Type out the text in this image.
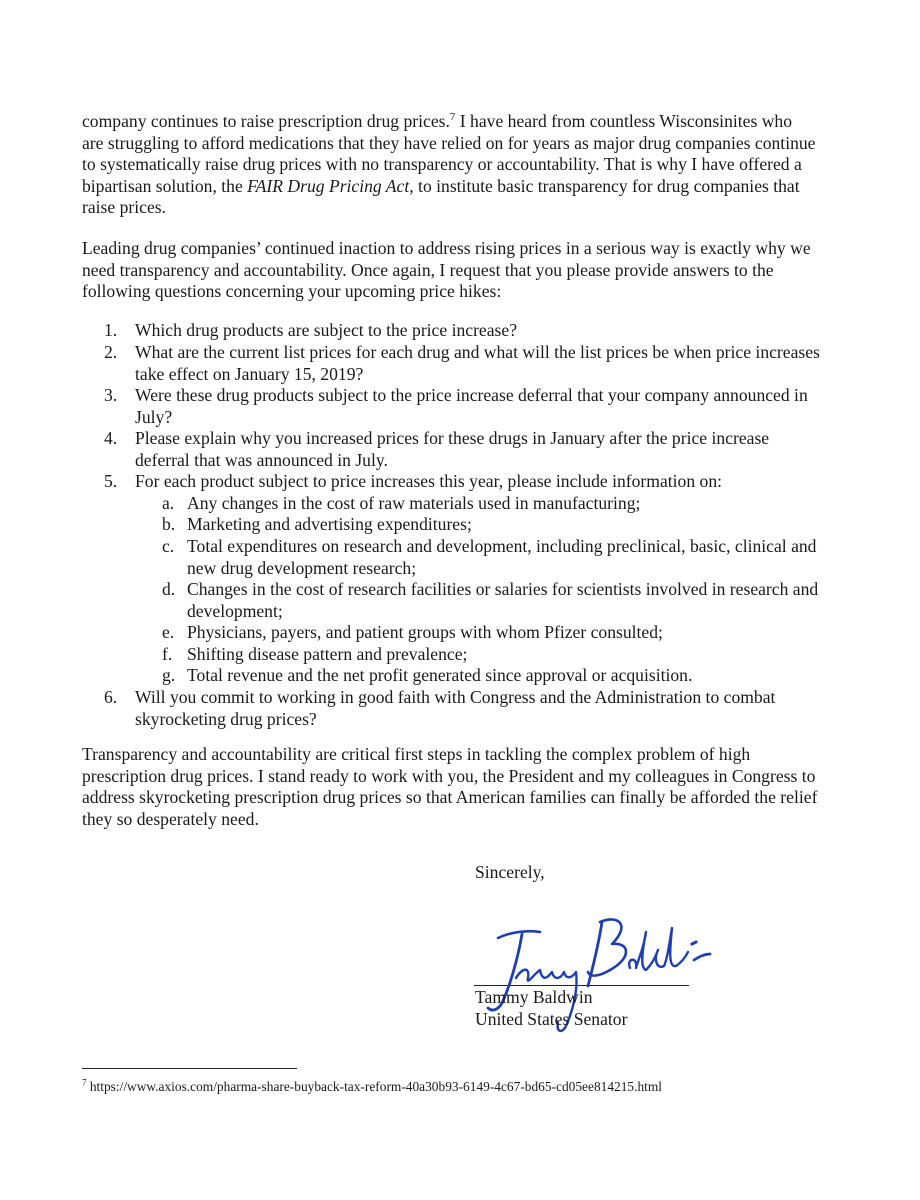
company continues to raise prescription drug prices.$^7$ I have heard from countless Wisconsinites who
are struggling to afford medications that they have relied on for years as major drug companies continue
to systematically raise drug prices with no transparency or accountability. That is why I have offered a
bipartisan solution, the FAIR Drug Pricing Act, to institute basic transparency for drug companies that
raise prices.
Leading drug companies’ continued inaction to address rising prices in a serious way is exactly why we
need transparency and accountability. Once again, I request that you please provide answers to the
following questions concerning your upcoming price hikes:
1.	Which drug products are subject to the price increase?
2.	What are the current list prices for each drug and what will the list prices be when price increases
take effect on January 15, 2019?
3.	Were these drug products subject to the price increase deferral that your company announced in
July?
4.	Please explain why you increased prices for these drugs in January after the price increase
deferral that was announced in July.
5.	For each product subject to price increases this year, please include information on:
a. Any changes in the cost of raw materials used in manufacturing;
b. Marketing and advertising expenditures;
c. Total expenditures on research and development, including preclinical, basic, clinical and
new drug development research;
d. Changes in the cost of research facilities or salaries for scientists involved in research and
development;
e. Physicians, payers, and patient groups with whom Pfizer consulted;
f. Shifting disease pattern and prevalence;
g. Total revenue and the net profit generated since approval or acquisition.
6.	Will you commit to working in good faith with Congress and the Administration to combat
skyrocketing drug prices?
Transparency and accountability are critical first steps in tackling the complex problem of high
prescription drug prices. I stand ready to work with you, the President and my colleagues in Congress to
address skyrocketing prescription drug prices so that American families can finally be afforded the relief
they so desperately need.
Sincerely,
Tammy Baldwin
United States Senator
$^7$ https://www.axios.com/pharma-share-buyback-tax-reform-40a30b93-6149-4c67-bd65-cd05ee814215.html
